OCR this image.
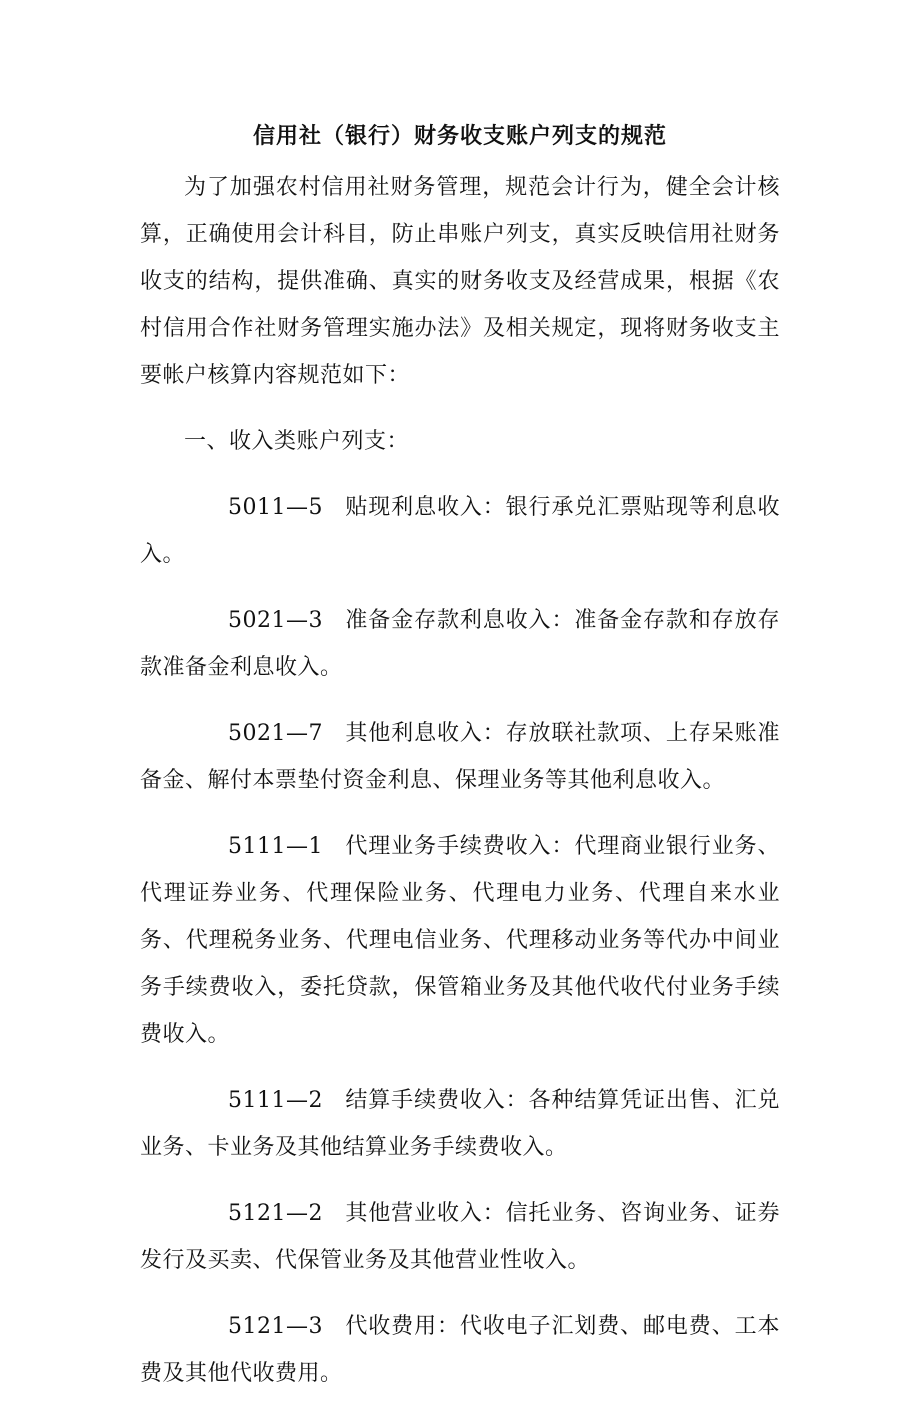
信用社（银行）财务收支账户列支的规范

为了加强农村信用社财务管理，规范会计行为，健全会计核算，正确使用会计科目，防止串账户列支，真实反映信用社财务收支的结构，提供准确、真实的财务收支及经营成果，根据《农村信用合作社财务管理实施办法》及相关规定，现将财务收支主要帐户核算内容规范如下：

一、收入类账户列支：

5011—5 贴现利息收入：银行承兑汇票贴现等利息收入。

5021—3 准备金存款利息收入：准备金存款和存放存款准备金利息收入。

5021—7 其他利息收入：存放联社款项、上存呆账准备金、解付本票垫付资金利息、保理业务等其他利息收入。

5111—1 代理业务手续费收入：代理商业银行业务、代理证券业务、代理保险业务、代理电力业务、代理自来水业务、代理税务业务、代理电信业务、代理移动业务等代办中间业务手续费收入，委托贷款，保管箱业务及其他代收代付业务手续费收入。

5111—2 结算手续费收入：各种结算凭证出售、汇兑业务、卡业务及其他结算业务手续费收入。

5121—2 其他营业收入：信托业务、咨询业务、证券发行及买卖、代保管业务及其他营业性收入。

5121—3 代收费用：代收电子汇划费、邮电费、工本费及其他代收费用。
